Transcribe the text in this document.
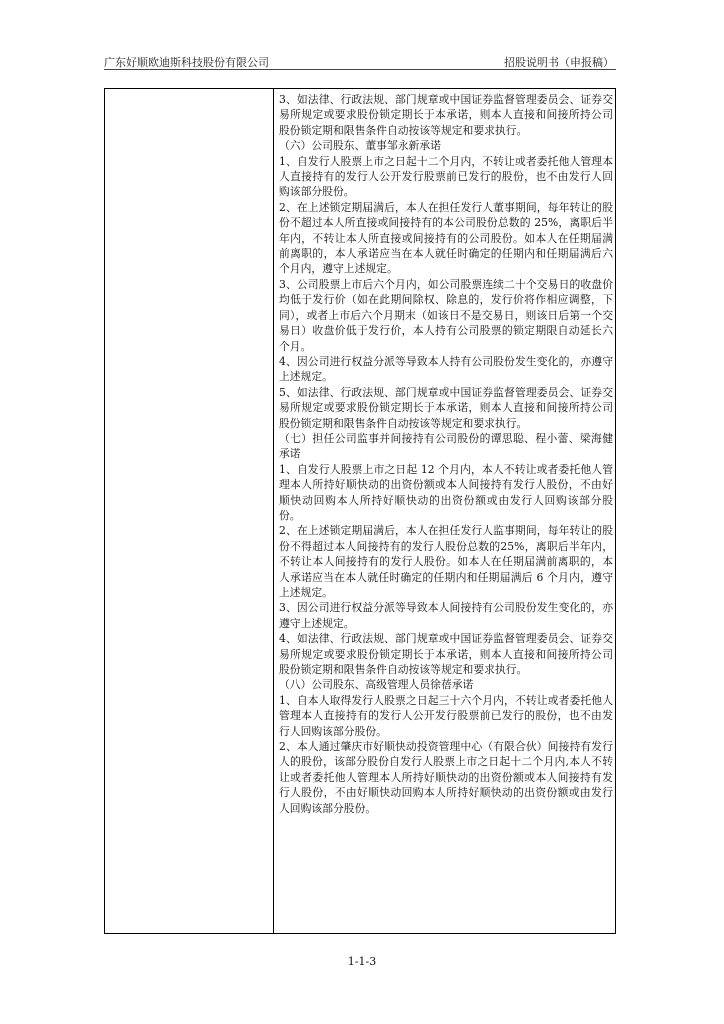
广东好顺欧迪斯科技股份有限公司	招股说明书（申报稿）

3、如法律、行政法规、部门规章或中国证券监督管理委员会、证券交易所规定或要求股份锁定期长于本承诺，则本人直接和间接所持公司股份锁定期和限售条件自动按该等规定和要求执行。

（六）公司股东、董事邹永新承诺

1、自发行人股票上市之日起十二个月内，不转让或者委托他人管理本人直接持有的发行人公开发行股票前已发行的股份，也不由发行人回购该部分股份。

2、在上述锁定期届满后，本人在担任发行人董事期间，每年转让的股份不超过本人所直接或间接持有的本公司股份总数的 25%，离职后半年内，不转让本人所直接或间接持有的公司股份。如本人在任期届满前离职的，本人承诺应当在本人就任时确定的任期内和任期届满后六个月内，遵守上述规定。

3、公司股票上市后六个月内，如公司股票连续二十个交易日的收盘价均低于发行价（如在此期间除权、除息的，发行价将作相应调整，下同），或者上市后六个月期末（如该日不是交易日，则该日后第一个交易日）收盘价低于发行价，本人持有公司股票的锁定期限自动延长六个月。

4、因公司进行权益分派等导致本人持有公司股份发生变化的，亦遵守上述规定。

5、如法律、行政法规、部门规章或中国证券监督管理委员会、证券交易所规定或要求股份锁定期长于本承诺，则本人直接和间接所持公司股份锁定期和限售条件自动按该等规定和要求执行。

（七）担任公司监事并间接持有公司股份的谭思聪、程小蕾、梁海健承诺

1、自发行人股票上市之日起 12 个月内，本人不转让或者委托他人管理本人所持好顺快动的出资份额或本人间接持有发行人股份，不由好顺快动回购本人所持好顺快动的出资份额或由发行人回购该部分股份。

2、在上述锁定期届满后，本人在担任发行人监事期间，每年转让的股份不得超过本人间接持有的发行人股份总数的25%，离职后半年内，不转让本人间接持有的发行人股份。如本人在任期届满前离职的，本人承诺应当在本人就任时确定的任期内和任期届满后 6 个月内，遵守上述规定。

3、因公司进行权益分派等导致本人间接持有公司股份发生变化的，亦遵守上述规定。

4、如法律、行政法规、部门规章或中国证券监督管理委员会、证券交易所规定或要求股份锁定期长于本承诺，则本人直接和间接所持公司股份锁定期和限售条件自动按该等规定和要求执行。

（八）公司股东、高级管理人员徐蓓承诺

1、自本人取得发行人股票之日起三十六个月内，不转让或者委托他人管理本人直接持有的发行人公开发行股票前已发行的股份，也不由发行人回购该部分股份。

2、本人通过肇庆市好顺快动投资管理中心（有限合伙）间接持有发行人的股份，该部分股份自发行人股票上市之日起十二个月内,本人不转让或者委托他人管理本人所持好顺快动的出资份额或本人间接持有发行人股份，不由好顺快动回购本人所持好顺快动的出资份额或由发行人回购该部分股份。

1-1-3
